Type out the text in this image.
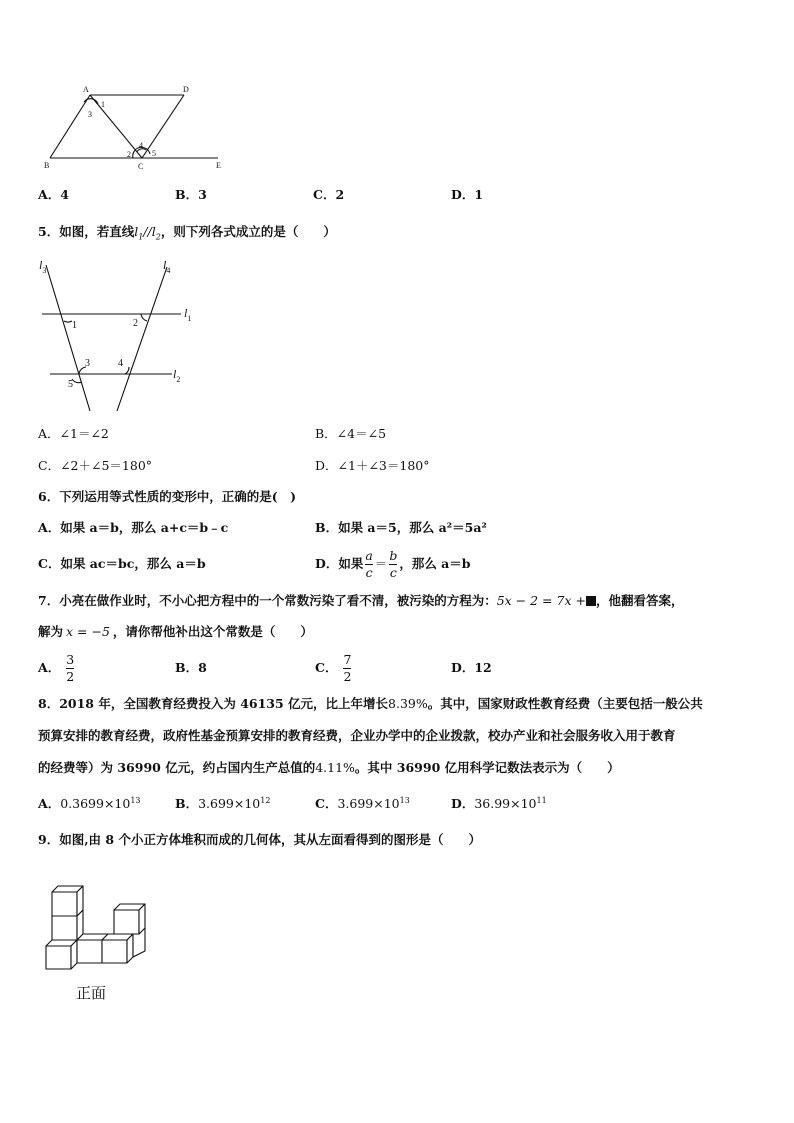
A	D
B	C	E
1
3
2
4
5
A．4	B．3	C．2	D．1
5．如图，若直线$l_1//l_2$，则下列各式成立的是（　　）
$l_3$	$l_4$
$l_1$
$l_2$
1	2
3	4
5
A．∠1＝∠2	B．∠4＝∠5
C．∠2＋∠5＝180°	D．∠1＋∠3＝180°
6．下列运用等式性质的变形中，正确的是(　)
A．如果 a＝b，那么 a+c＝b﹣c	B．如果 a＝5，那么 a²＝5a²
C．如果 ac＝bc，那么 a＝b	D．如果 $\frac{a}{c} = \frac{b}{c}$ ，那么 a＝b
7．小亮在做作业时，不小心把方程中的一个常数污染了看不清，被污染的方程为：5x − 2 = 7x + ，他翻看答案，
解为 x = −5 ，请你帮他补出这个常数是（　　）
A． $\frac{3}{2}$	B．8	C． $\frac{7}{2}$	D．12
8．2018 年，全国教育经费投入为 46135 亿元，比上年增长8.39%。其中，国家财政性教育经费（主要包括一般公共
预算安排的教育经费，政府性基金预算安排的教育经费，企业办学中的企业拨款，校办产业和社会服务收入用于教育
的经费等）为 36990 亿元，约占国内生产总值的4.11%。其中 36990 亿用科学记数法表示为（　　）
A．$0.3699\times 10^{13}$	B．$3.699\times 10^{12}$	C．$3.699\times 10^{13}$	D．$36.99\times 10^{11}$
9．如图,由 8 个小正方体堆积而成的几何体，其从左面看得到的图形是（　　）
正面
